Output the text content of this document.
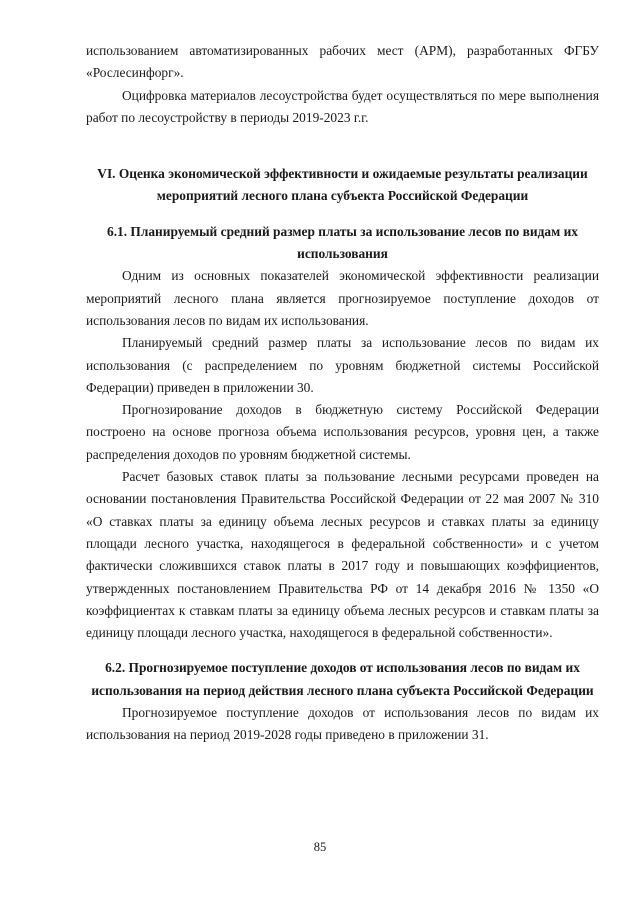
использованием автоматизированных рабочих мест (АРМ), разработанных ФГБУ «Рослесинфорг».

Оцифровка материалов лесоустройства будет осуществляться по мере выполнения работ по лесоустройству в периоды 2019-2023 г.г.

VI. Оценка экономической эффективности и ожидаемые результаты реализации мероприятий лесного плана субъекта Российской Федерации
6.1. Планируемый средний размер платы за использование лесов по видам их использования

Одним из основных показателей экономической эффективности реализации мероприятий лесного плана является прогнозируемое поступление доходов от использования лесов по видам их использования.

Планируемый средний размер платы за использование лесов по видам их использования (с распределением по уровням бюджетной системы Российской Федерации) приведен в приложении 30.

Прогнозирование доходов в бюджетную систему Российской Федерации построено на основе прогноза объема использования ресурсов, уровня цен, а также распределения доходов по уровням бюджетной системы.

Расчет базовых ставок платы за пользование лесными ресурсами проведен на основании постановления Правительства Российской Федерации от 22 мая 2007 № 310 «О ставках платы за единицу объема лесных ресурсов и ставках платы за единицу площади лесного участка, находящегося в федеральной собственности» и с учетом фактически сложившихся ставок платы в 2017 году и повышающих коэффициентов, утвержденных постановлением Правительства РФ от 14 декабря 2016 № 1350 «О коэффициентах к ставкам платы за единицу объема лесных ресурсов и ставкам платы за единицу площади лесного участка, находящегося в федеральной собственности».

6.2. Прогнозируемое поступление доходов от использования лесов по видам их использования на период действия лесного плана субъекта Российской Федерации

Прогнозируемое поступление доходов от использования лесов по видам их использования на период 2019-2028 годы приведено в приложении 31.

85
